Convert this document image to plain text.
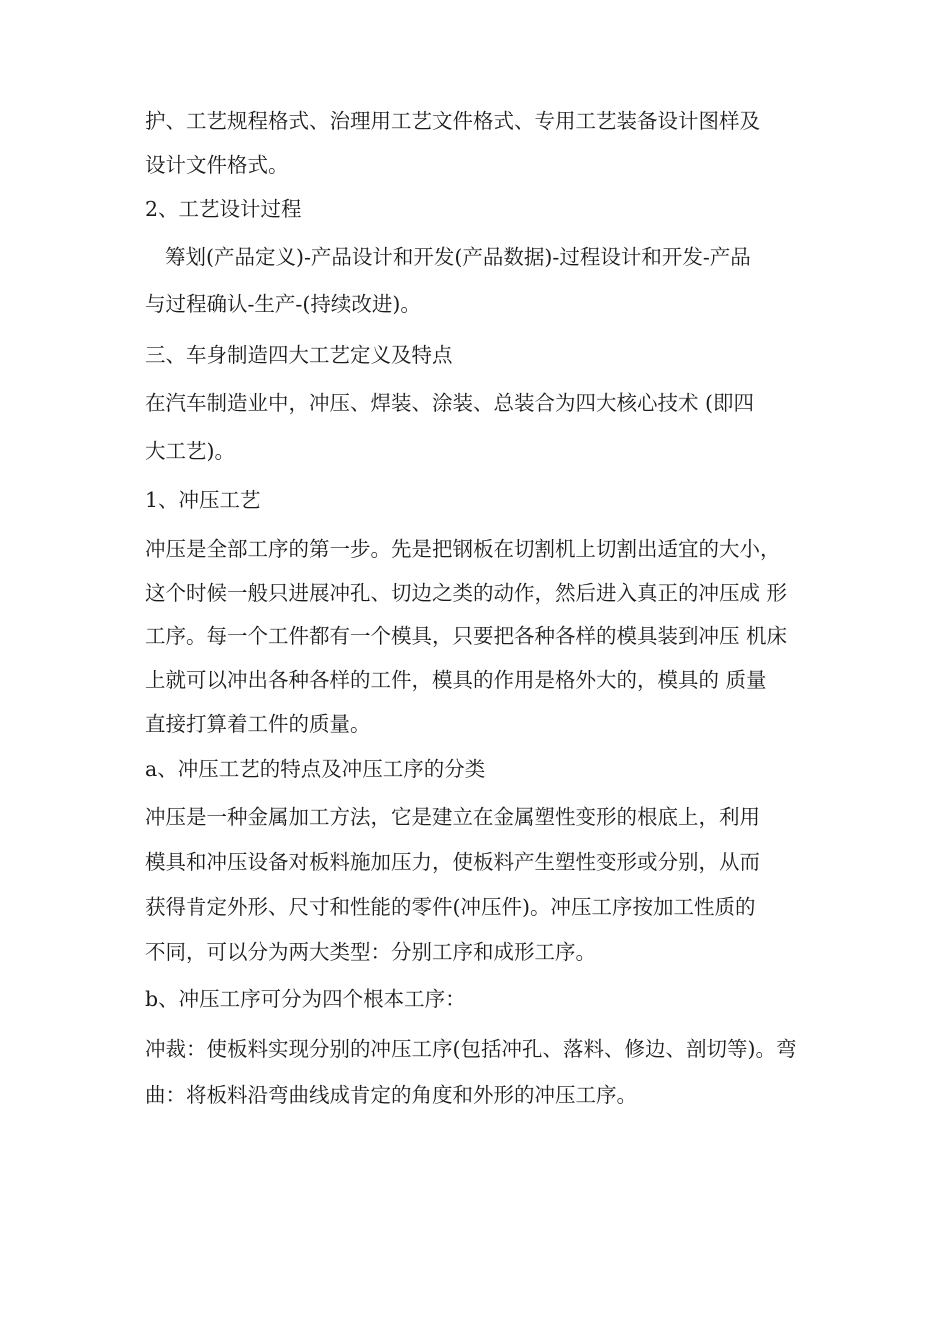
护、工艺规程格式、治理用工艺文件格式、专用工艺装备设计图样及

设计文件格式。

2、工艺设计过程

筹划(产品定义)-产品设计和开发(产品数据)-过程设计和开发-产品

与过程确认-生产-(持续改进)。

三、车身制造四大工艺定义及特点

在汽车制造业中，冲压、焊装、涂装、总装合为四大核心技术 (即四

大工艺)。

1、冲压工艺

冲压是全部工序的第一步。先是把钢板在切割机上切割出适宜的大小，

这个时候一般只进展冲孔、切边之类的动作，然后进入真正的冲压成 形

工序。每一个工件都有一个模具，只要把各种各样的模具装到冲压 机床

上就可以冲出各种各样的工件，模具的作用是格外大的，模具的 质量

直接打算着工件的质量。

a、冲压工艺的特点及冲压工序的分类

冲压是一种金属加工方法，它是建立在金属塑性变形的根底上，利用

模具和冲压设备对板料施加压力，使板料产生塑性变形或分别，从而

获得肯定外形、尺寸和性能的零件(冲压件)。冲压工序按加工性质的

不同，可以分为两大类型：分别工序和成形工序。

b、冲压工序可分为四个根本工序：

冲裁：使板料实现分别的冲压工序(包括冲孔、落料、修边、剖切等)。弯

曲：将板料沿弯曲线成肯定的角度和外形的冲压工序。
